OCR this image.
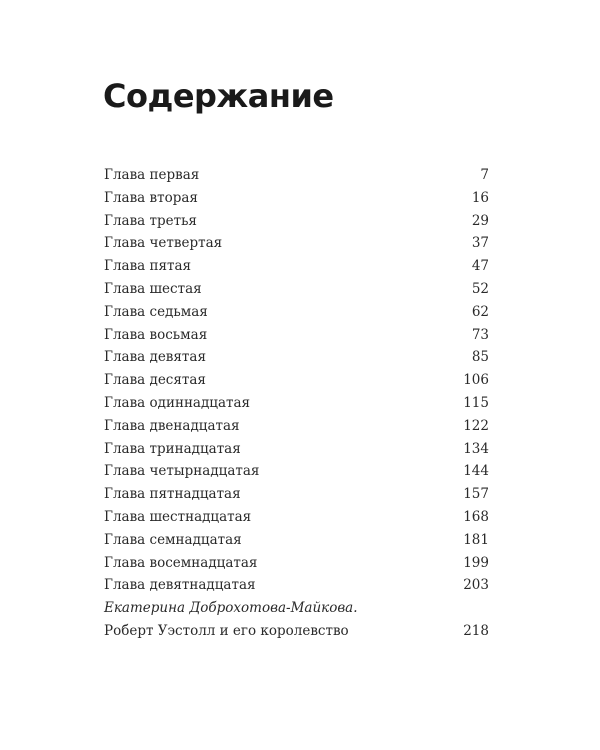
Содержание
Глава первая	7
Глава вторая	16
Глава третья	29
Глава четвертая	37
Глава пятая	47
Глава шестая	52
Глава седьмая	62
Глава восьмая	73
Глава девятая	85
Глава десятая	106
Глава одиннадцатая	115
Глава двенадцатая	122
Глава тринадцатая	134
Глава четырнадцатая	144
Глава пятнадцатая	157
Глава шестнадцатая	168
Глава семнадцатая	181
Глава восемнадцатая	199
Глава девятнадцатая	203
Екатерина Доброхотова-Майкова.
Роберт Уэстолл и его королевство	218
